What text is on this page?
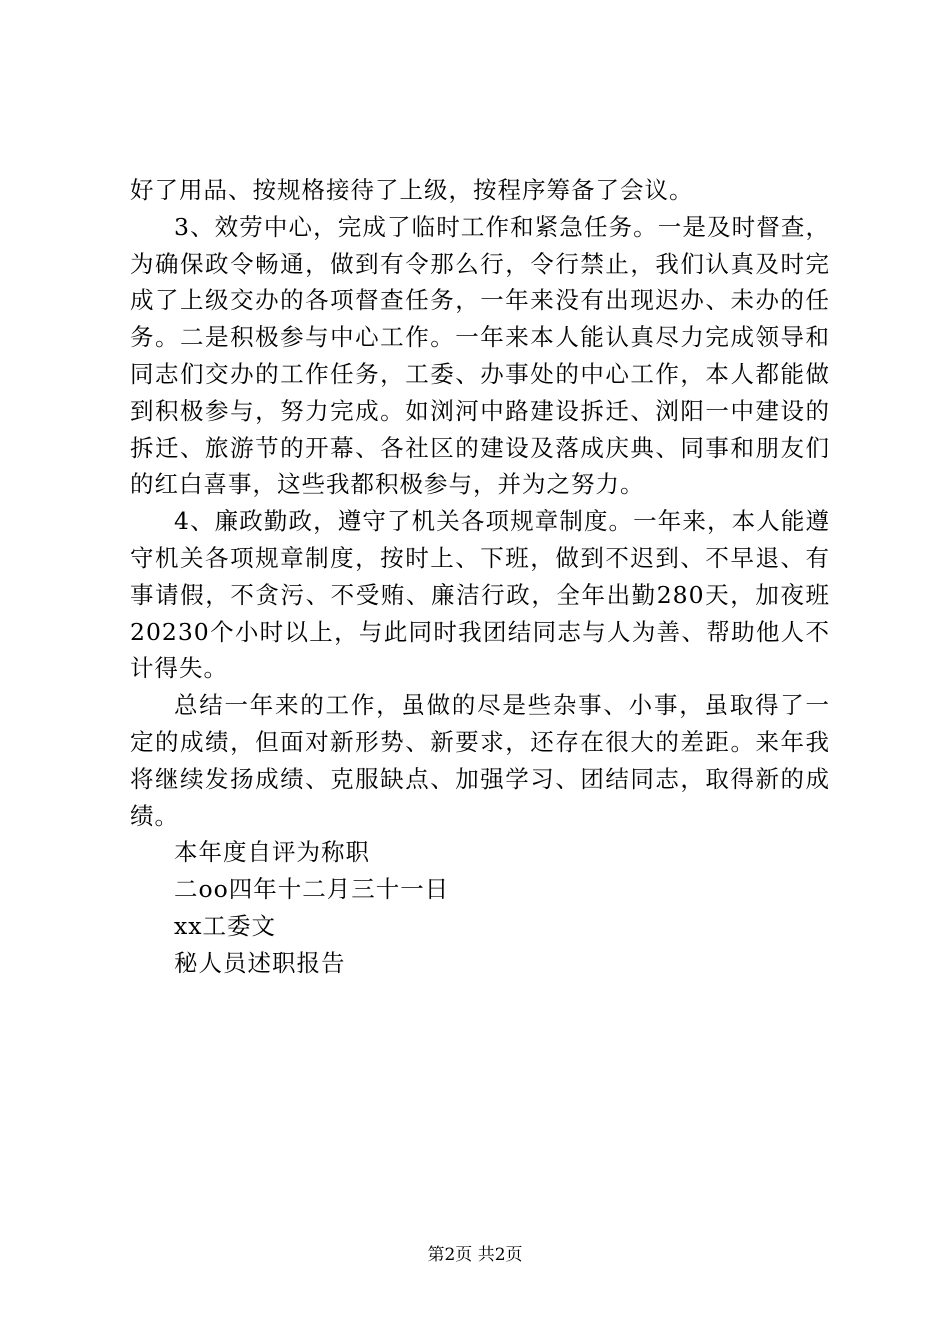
好了用品、按规格接待了上级，按程序筹备了会议。

3、效劳中心，完成了临时工作和紧急任务。一是及时督查，为确保政令畅通，做到有令那么行，令行禁止，我们认真及时完成了上级交办的各项督查任务，一年来没有出现迟办、未办的任务。二是积极参与中心工作。一年来本人能认真尽力完成领导和同志们交办的工作任务，工委、办事处的中心工作，本人都能做到积极参与，努力完成。如浏河中路建设拆迁、浏阳一中建设的拆迁、旅游节的开幕、各社区的建设及落成庆典、同事和朋友们的红白喜事，这些我都积极参与，并为之努力。

4、廉政勤政，遵守了机关各项规章制度。一年来，本人能遵守机关各项规章制度，按时上、下班，做到不迟到、不早退、有事请假，不贪污、不受贿、廉洁行政，全年出勤280天，加夜班20230个小时以上，与此同时我团结同志与人为善、帮助他人不计得失。

总结一年来的工作，虽做的尽是些杂事、小事，虽取得了一定的成绩，但面对新形势、新要求，还存在很大的差距。来年我将继续发扬成绩、克服缺点、加强学习、团结同志，取得新的成绩。

本年度自评为称职

二oo四年十二月三十一日

xx工委文

秘人员述职报告

第2页 共2页
